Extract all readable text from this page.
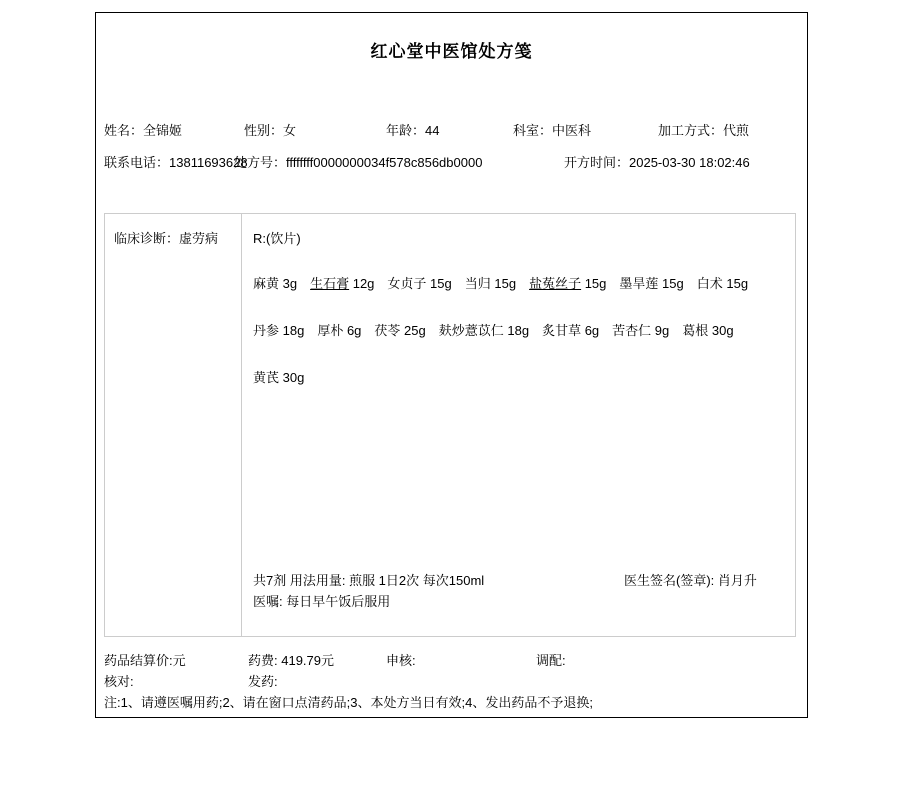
红心堂中医馆处方笺
姓名：全锦姬	性别：女	年龄：44	科室：中医科	加工方式：代煎
联系电话：13811693628
处方号：ffffffff0000000034f578c856db0000	开方时间：2025-03-30 18:02:46
临床诊断：虚劳病	R:(饮片)
麻黄 3g 生石膏 12g 女贞子 15g 当归 15g 盐菟丝子 15g 墨旱莲 15g 白术 15g
丹参 18g 厚朴 6g 茯苓 25g 麸炒薏苡仁 18g 炙甘草 6g 苦杏仁 9g 葛根 30g
黄芪 30g
共7剂 用法用量: 煎服 1日2次 每次150ml	医生签名(签章): 肖月升
医嘱: 每日早午饭后服用
药品结算价:元	药费: 419.79元	申核:	调配:
核对:	发药:
注:1、请遵医嘱用药;2、请在窗口点清药品;3、本处方当日有效;4、发出药品不予退换;
